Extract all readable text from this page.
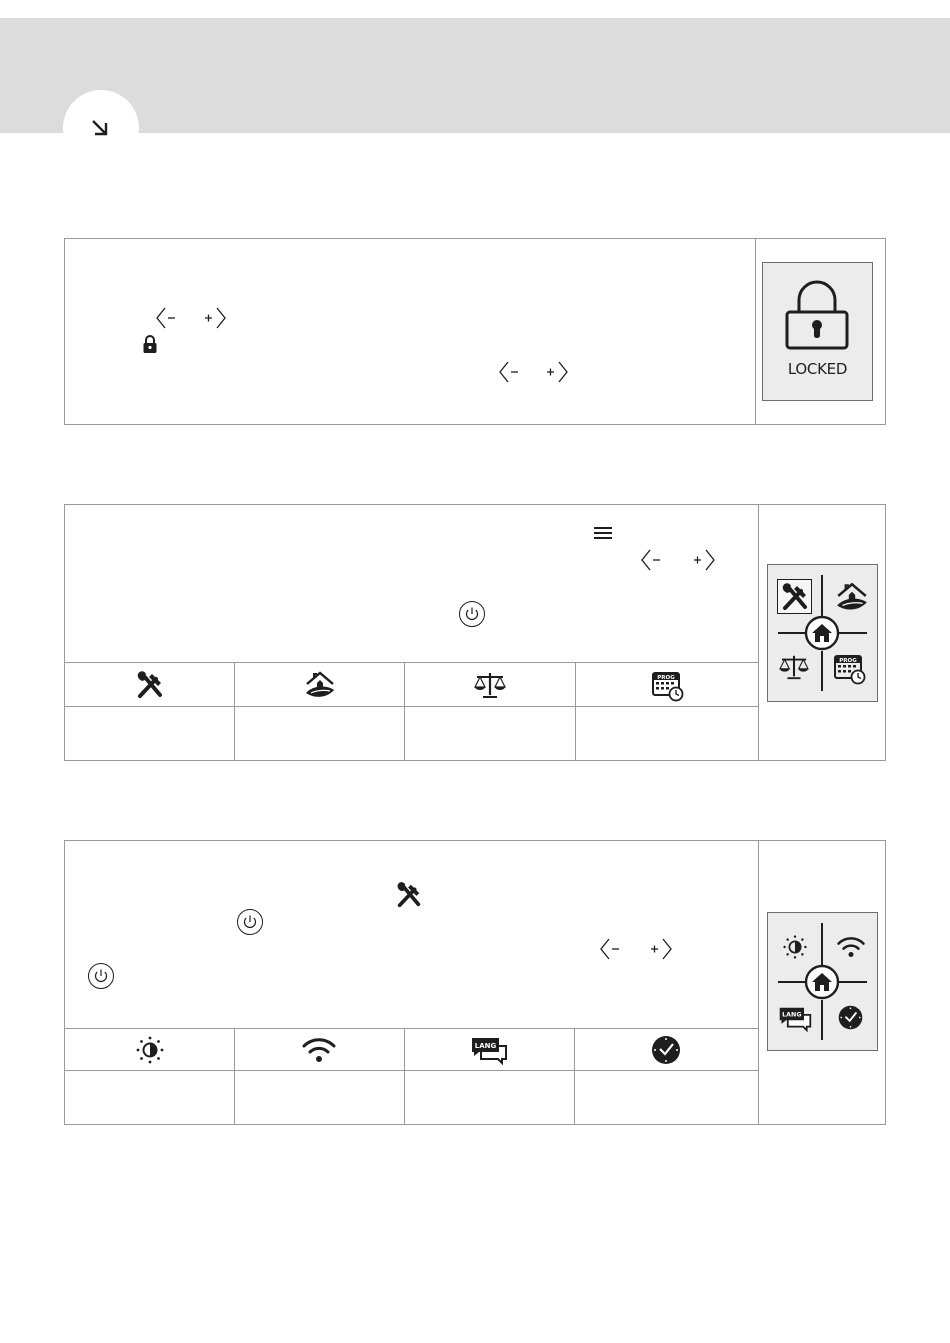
LOCKED
PROG
PROG
LANG
LANG
